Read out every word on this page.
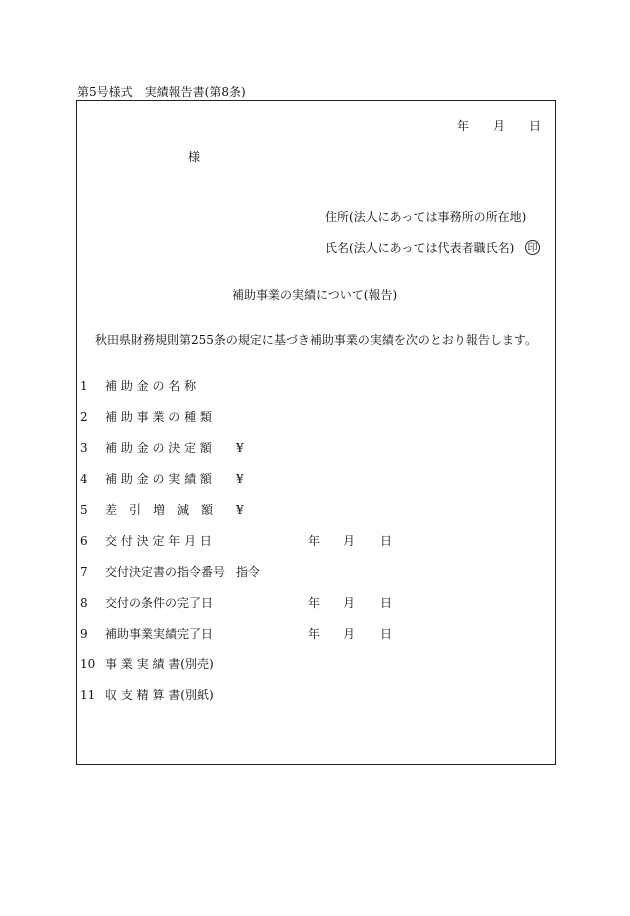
第5号様式　実績報告書(第8条)
年 月 日
様
住所(法人にあっては事務所の所在地)
氏名(法人にあっては代表者職氏名) 印
補助事業の実績について(報告)
秋田県財務規則第255条の規定に基づき補助事業の実績を次のとおり報告します。
1	補 助 金 の 名 称
2	補 助 事 業 の 種 類
3	補 助 金 の 決 定 額 ¥
4	補 助 金 の 実 績 額 ¥
5	差　引　増　減　額 ¥
6	交 付 決 定 年 月 日	年 月 日
7	交付決定書の指令番号 指令
8	交付の条件の完了日	年 月 日
9	補助事業実績完了日	年 月 日
10 事 業 実 績 書(別売)
11 収 支 精 算 書(別紙)
